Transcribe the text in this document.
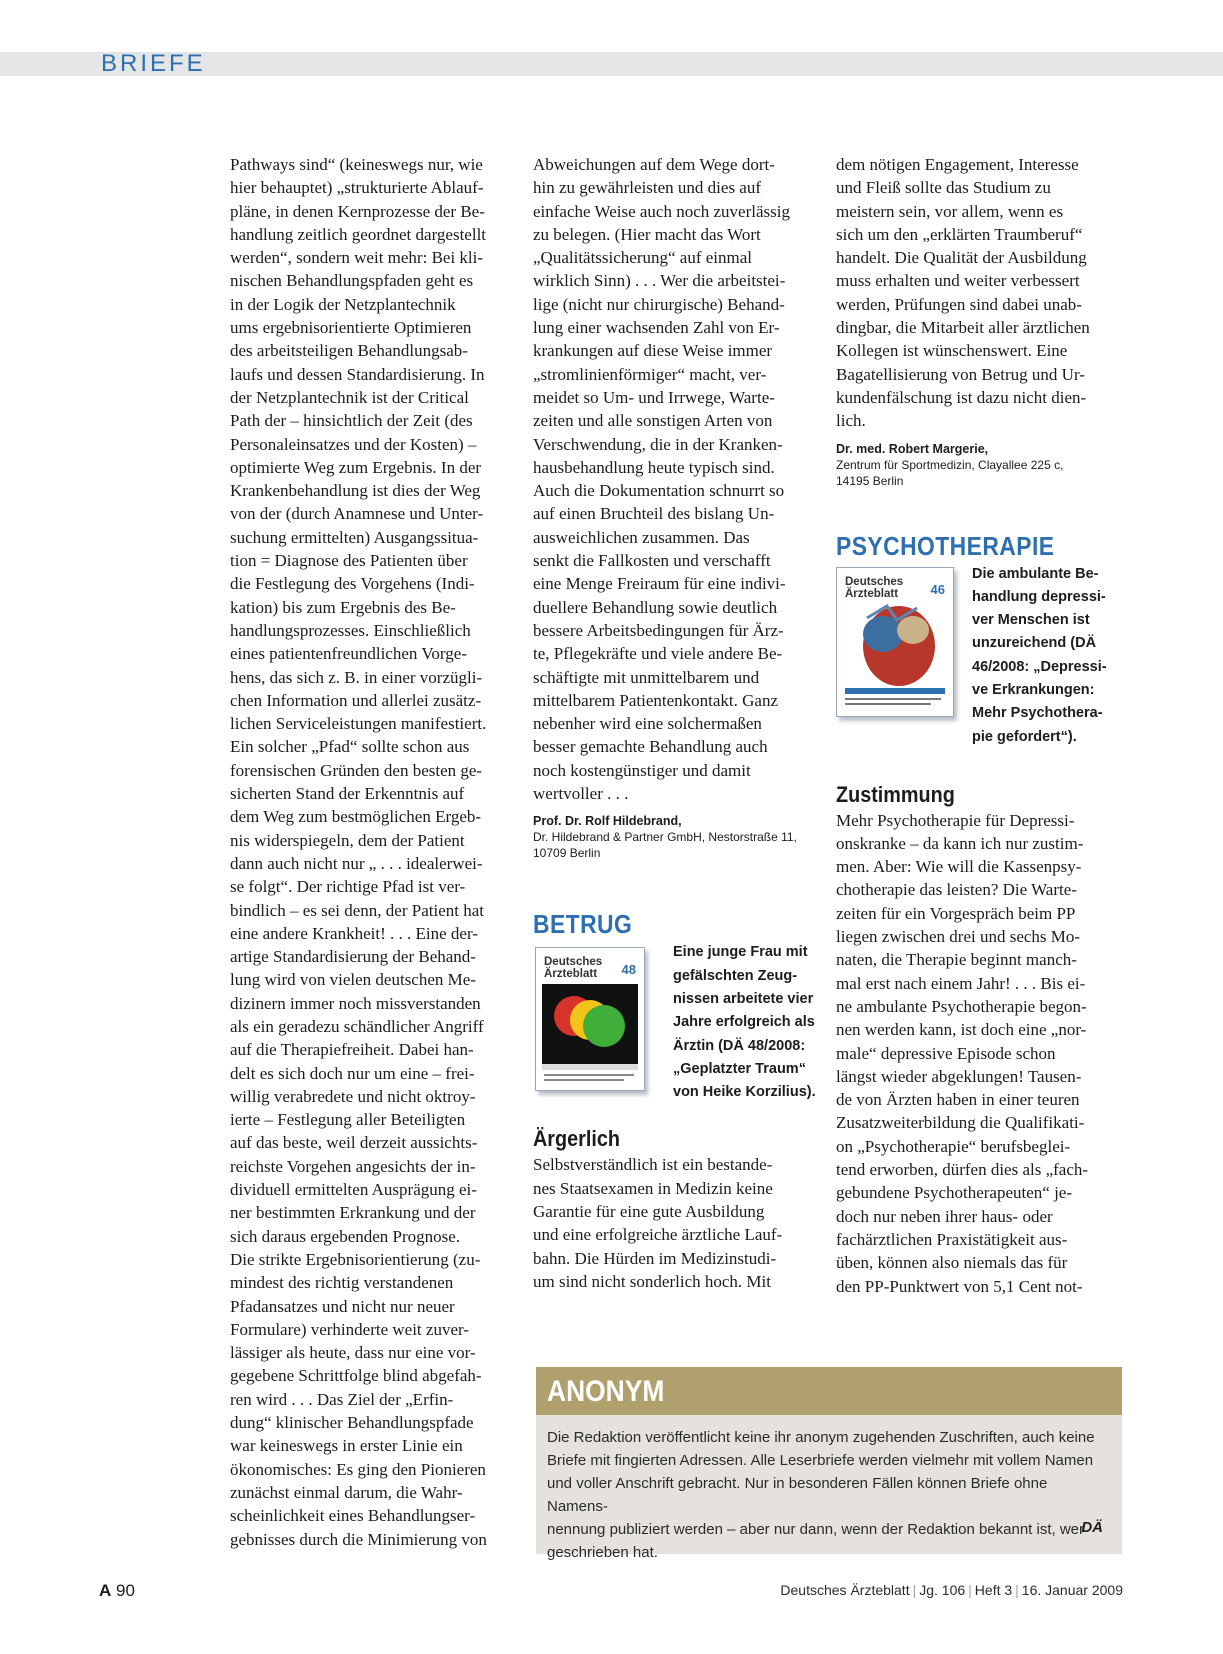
BRIEFE
Pathways sind“ (keineswegs nur, wie
hier behauptet) „strukturierte Ablauf-
pläne, in denen Kernprozesse der Be-
handlung zeitlich geordnet dargestellt
werden“, sondern weit mehr: Bei kli-
nischen Behandlungspfaden geht es
in der Logik der Netzplantechnik
ums ergebnisorientierte Optimieren
des arbeitsteiligen Behandlungsab-
laufs und dessen Standardisierung. In
der Netzplantechnik ist der Critical
Path der – hinsichtlich der Zeit (des
Personaleinsatzes und der Kosten) –
optimierte Weg zum Ergebnis. In der
Krankenbehandlung ist dies der Weg
von der (durch Anamnese und Unter-
suchung ermittelten) Ausgangssitua-
tion = Diagnose des Patienten über
die Festlegung des Vorgehens (Indi-
kation) bis zum Ergebnis des Be-
handlungsprozesses. Einschließlich
eines patientenfreundlichen Vorge-
hens, das sich z. B. in einer vorzügli-
chen Information und allerlei zusätz-
lichen Serviceleistungen manifestiert.
Ein solcher „Pfad“ sollte schon aus
forensischen Gründen den besten ge-
sicherten Stand der Erkenntnis auf
dem Weg zum bestmöglichen Ergeb-
nis widerspiegeln, dem der Patient
dann auch nicht nur „ . . . idealerwei-
se folgt“. Der richtige Pfad ist ver-
bindlich – es sei denn, der Patient hat
eine andere Krankheit! . . . Eine der-
artige Standardisierung der Behand-
lung wird von vielen deutschen Me-
dizinern immer noch missverstanden
als ein geradezu schändlicher Angriff
auf die Therapiefreiheit. Dabei han-
delt es sich doch nur um eine – frei-
willig verabredete und nicht oktroy-
ierte – Festlegung aller Beteiligten
auf das beste, weil derzeit aussichts-
reichste Vorgehen angesichts der in-
dividuell ermittelten Ausprägung ei-
ner bestimmten Erkrankung und der
sich daraus ergebenden Prognose.
Die strikte Ergebnisorientierung (zu-
mindest des richtig verstandenen
Pfadansatzes und nicht nur neuer
Formulare) verhinderte weit zuver-
lässiger als heute, dass nur eine vor-
gegebene Schrittfolge blind abgefah-
ren wird . . . Das Ziel der „Erfin-
dung“ klinischer Behandlungspfade
war keineswegs in erster Linie ein
ökonomisches: Es ging den Pionieren
zunächst einmal darum, die Wahr-
scheinlichkeit eines Behandlungser-
gebnisses durch die Minimierung von
Abweichungen auf dem Wege dort-
hin zu gewährleisten und dies auf
einfache Weise auch noch zuverlässig
zu belegen. (Hier macht das Wort
„Qualitätssicherung“ auf einmal
wirklich Sinn) . . . Wer die arbeitstei-
lige (nicht nur chirurgische) Behand-
lung einer wachsenden Zahl von Er-
krankungen auf diese Weise immer
„stromlinienförmiger“ macht, ver-
meidet so Um- und Irrwege, Warte-
zeiten und alle sonstigen Arten von
Verschwendung, die in der Kranken-
hausbehandlung heute typisch sind.
Auch die Dokumentation schnurrt so
auf einen Bruchteil des bislang Un-
ausweichlichen zusammen. Das
senkt die Fallkosten und verschafft
eine Menge Freiraum für eine indivi-
duellere Behandlung sowie deutlich
bessere Arbeitsbedingungen für Ärz-
te, Pflegekräfte und viele andere Be-
schäftigte mit unmittelbarem und
mittelbarem Patientenkontakt. Ganz
nebenher wird eine solchermaßen
besser gemachte Behandlung auch
noch kostengünstiger und damit
wertvoller . . .
Prof. Dr. Rolf Hildebrand,
Dr. Hildebrand & Partner GmbH, Nestorstraße 11,
10709 Berlin
BETRUG
Deutsches
Ärzteblatt	48
Eine junge Frau mit
gefälschten Zeug-
nissen arbeitete vier
Jahre erfolgreich als
Ärztin (DÄ 48/2008:
„Geplatzter Traum“
von Heike Korzilius).
Ärgerlich
Selbstverständlich ist ein bestande-
nes Staatsexamen in Medizin keine
Garantie für eine gute Ausbildung
und eine erfolgreiche ärztliche Lauf-
bahn. Die Hürden im Medizinstudi-
um sind nicht sonderlich hoch. Mit
dem nötigen Engagement, Interesse
und Fleiß sollte das Studium zu
meistern sein, vor allem, wenn es
sich um den „erklärten Traumberuf“
handelt. Die Qualität der Ausbildung
muss erhalten und weiter verbessert
werden, Prüfungen sind dabei unab-
dingbar, die Mitarbeit aller ärztlichen
Kollegen ist wünschenswert. Eine
Bagatellisierung von Betrug und Ur-
kundenfälschung ist dazu nicht dien-
lich.
Dr. med. Robert Margerie,
Zentrum für Sportmedizin, Clayallee 225 c,
14195 Berlin
PSYCHOTHERAPIE
Deutsches
Ärzteblatt	46
Die ambulante Be-
handlung depressi-
ver Menschen ist
unzureichend (DÄ
46/2008: „Depressi-
ve Erkrankungen:
Mehr Psychothera-
pie gefordert“).
Zustimmung
Mehr Psychotherapie für Depressi-
onskranke – da kann ich nur zustim-
men. Aber: Wie will die Kassenpsy-
chotherapie das leisten? Die Warte-
zeiten für ein Vorgespräch beim PP
liegen zwischen drei und sechs Mo-
naten, die Therapie beginnt manch-
mal erst nach einem Jahr! . . . Bis ei-
ne ambulante Psychotherapie begon-
nen werden kann, ist doch eine „nor-
male“ depressive Episode schon
längst wieder abgeklungen! Tausen-
de von Ärzten haben in einer teuren
Zusatzweiterbildung die Qualifikati-
on „Psychotherapie“ berufsbeglei-
tend erworben, dürfen dies als „fach-
gebundene Psychotherapeuten“ je-
doch nur neben ihrer haus- oder
fachärztlichen Praxistätigkeit aus-
üben, können also niemals das für
den PP-Punktwert von 5,1 Cent not-
ANONYM
Die Redaktion veröffentlicht keine ihr anonym zugehenden Zuschriften, auch keine
Briefe mit fingierten Adressen. Alle Leserbriefe werden vielmehr mit vollem Namen
und voller Anschrift gebracht. Nur in besonderen Fällen können Briefe ohne Namens-
nennung publiziert werden – aber nur dann, wenn der Redaktion bekannt ist, wer
geschrieben hat.
DÄ
A 90	Deutsches Ärzteblatt | Jg. 106 | Heft 3 | 16. Januar 2009
